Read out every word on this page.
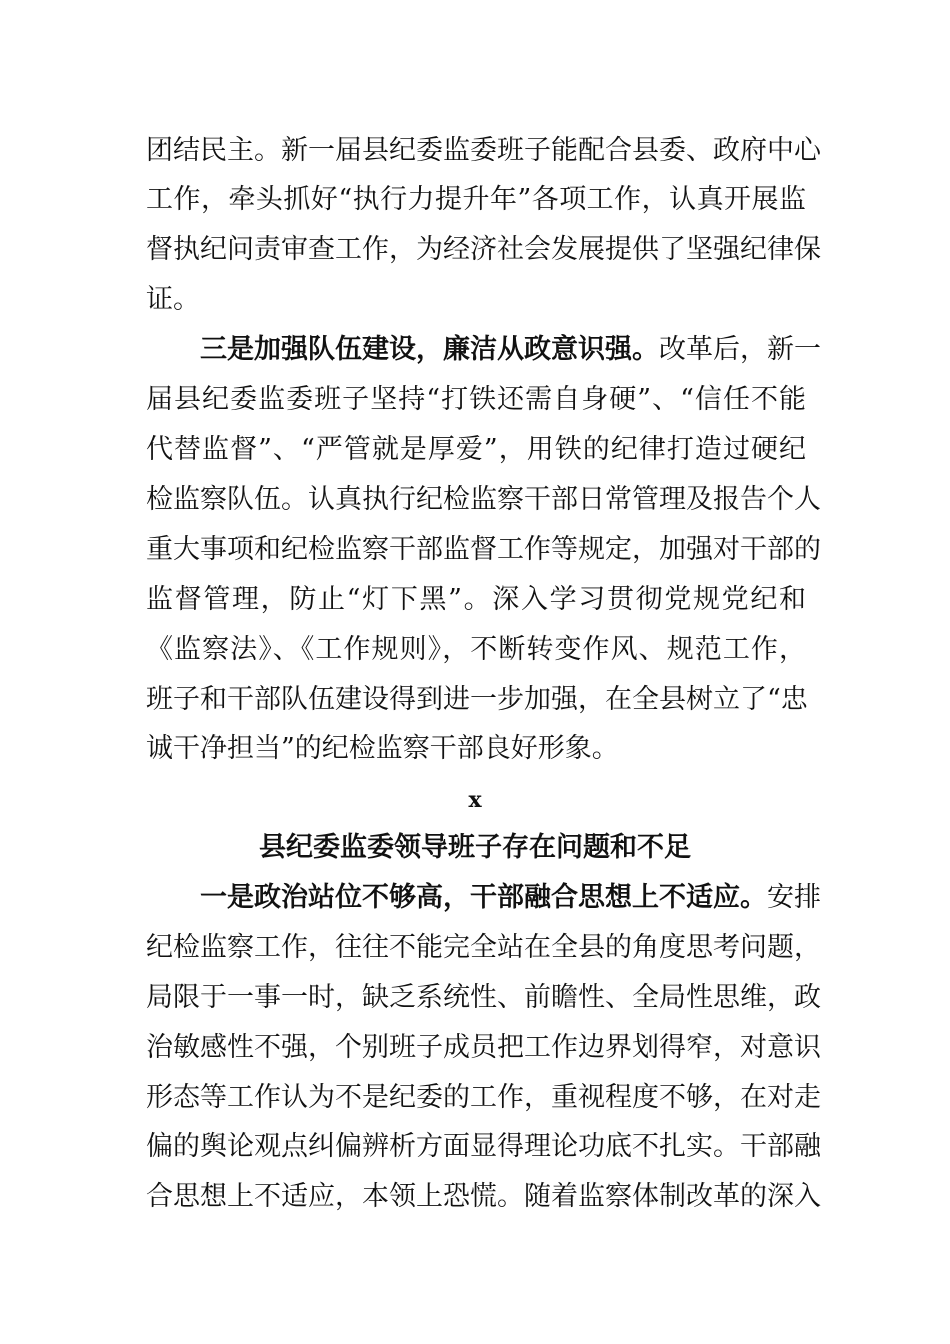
团结民主。新一届县纪委监委班子能配合县委、政府中心
工作，牵头抓好“执行力提升年”各项工作，认真开展监
督执纪问责审查工作，为经济社会发展提供了坚强纪律保
证。
三是加强队伍建设，廉洁从政意识强。改革后，新一
届县纪委监委班子坚持“打铁还需自身硬”、“信任不能
代替监督”、“严管就是厚爱”，用铁的纪律打造过硬纪
检监察队伍。认真执行纪检监察干部日常管理及报告个人
重大事项和纪检监察干部监督工作等规定，加强对干部的
监督管理，防止“灯下黑”。深入学习贯彻党规党纪和
《监察法》、《工作规则》，不断转变作风、规范工作，
班子和干部队伍建设得到进一步加强，在全县树立了“忠
诚干净担当”的纪检监察干部良好形象。
x
县纪委监委领导班子存在问题和不足
一是政治站位不够高，干部融合思想上不适应。安排
纪检监察工作，往往不能完全站在全县的角度思考问题，
局限于一事一时，缺乏系统性、前瞻性、全局性思维，政
治敏感性不强，个别班子成员把工作边界划得窄，对意识
形态等工作认为不是纪委的工作，重视程度不够，在对走
偏的舆论观点纠偏辨析方面显得理论功底不扎实。干部融
合思想上不适应，本领上恐慌。随着监察体制改革的深入
